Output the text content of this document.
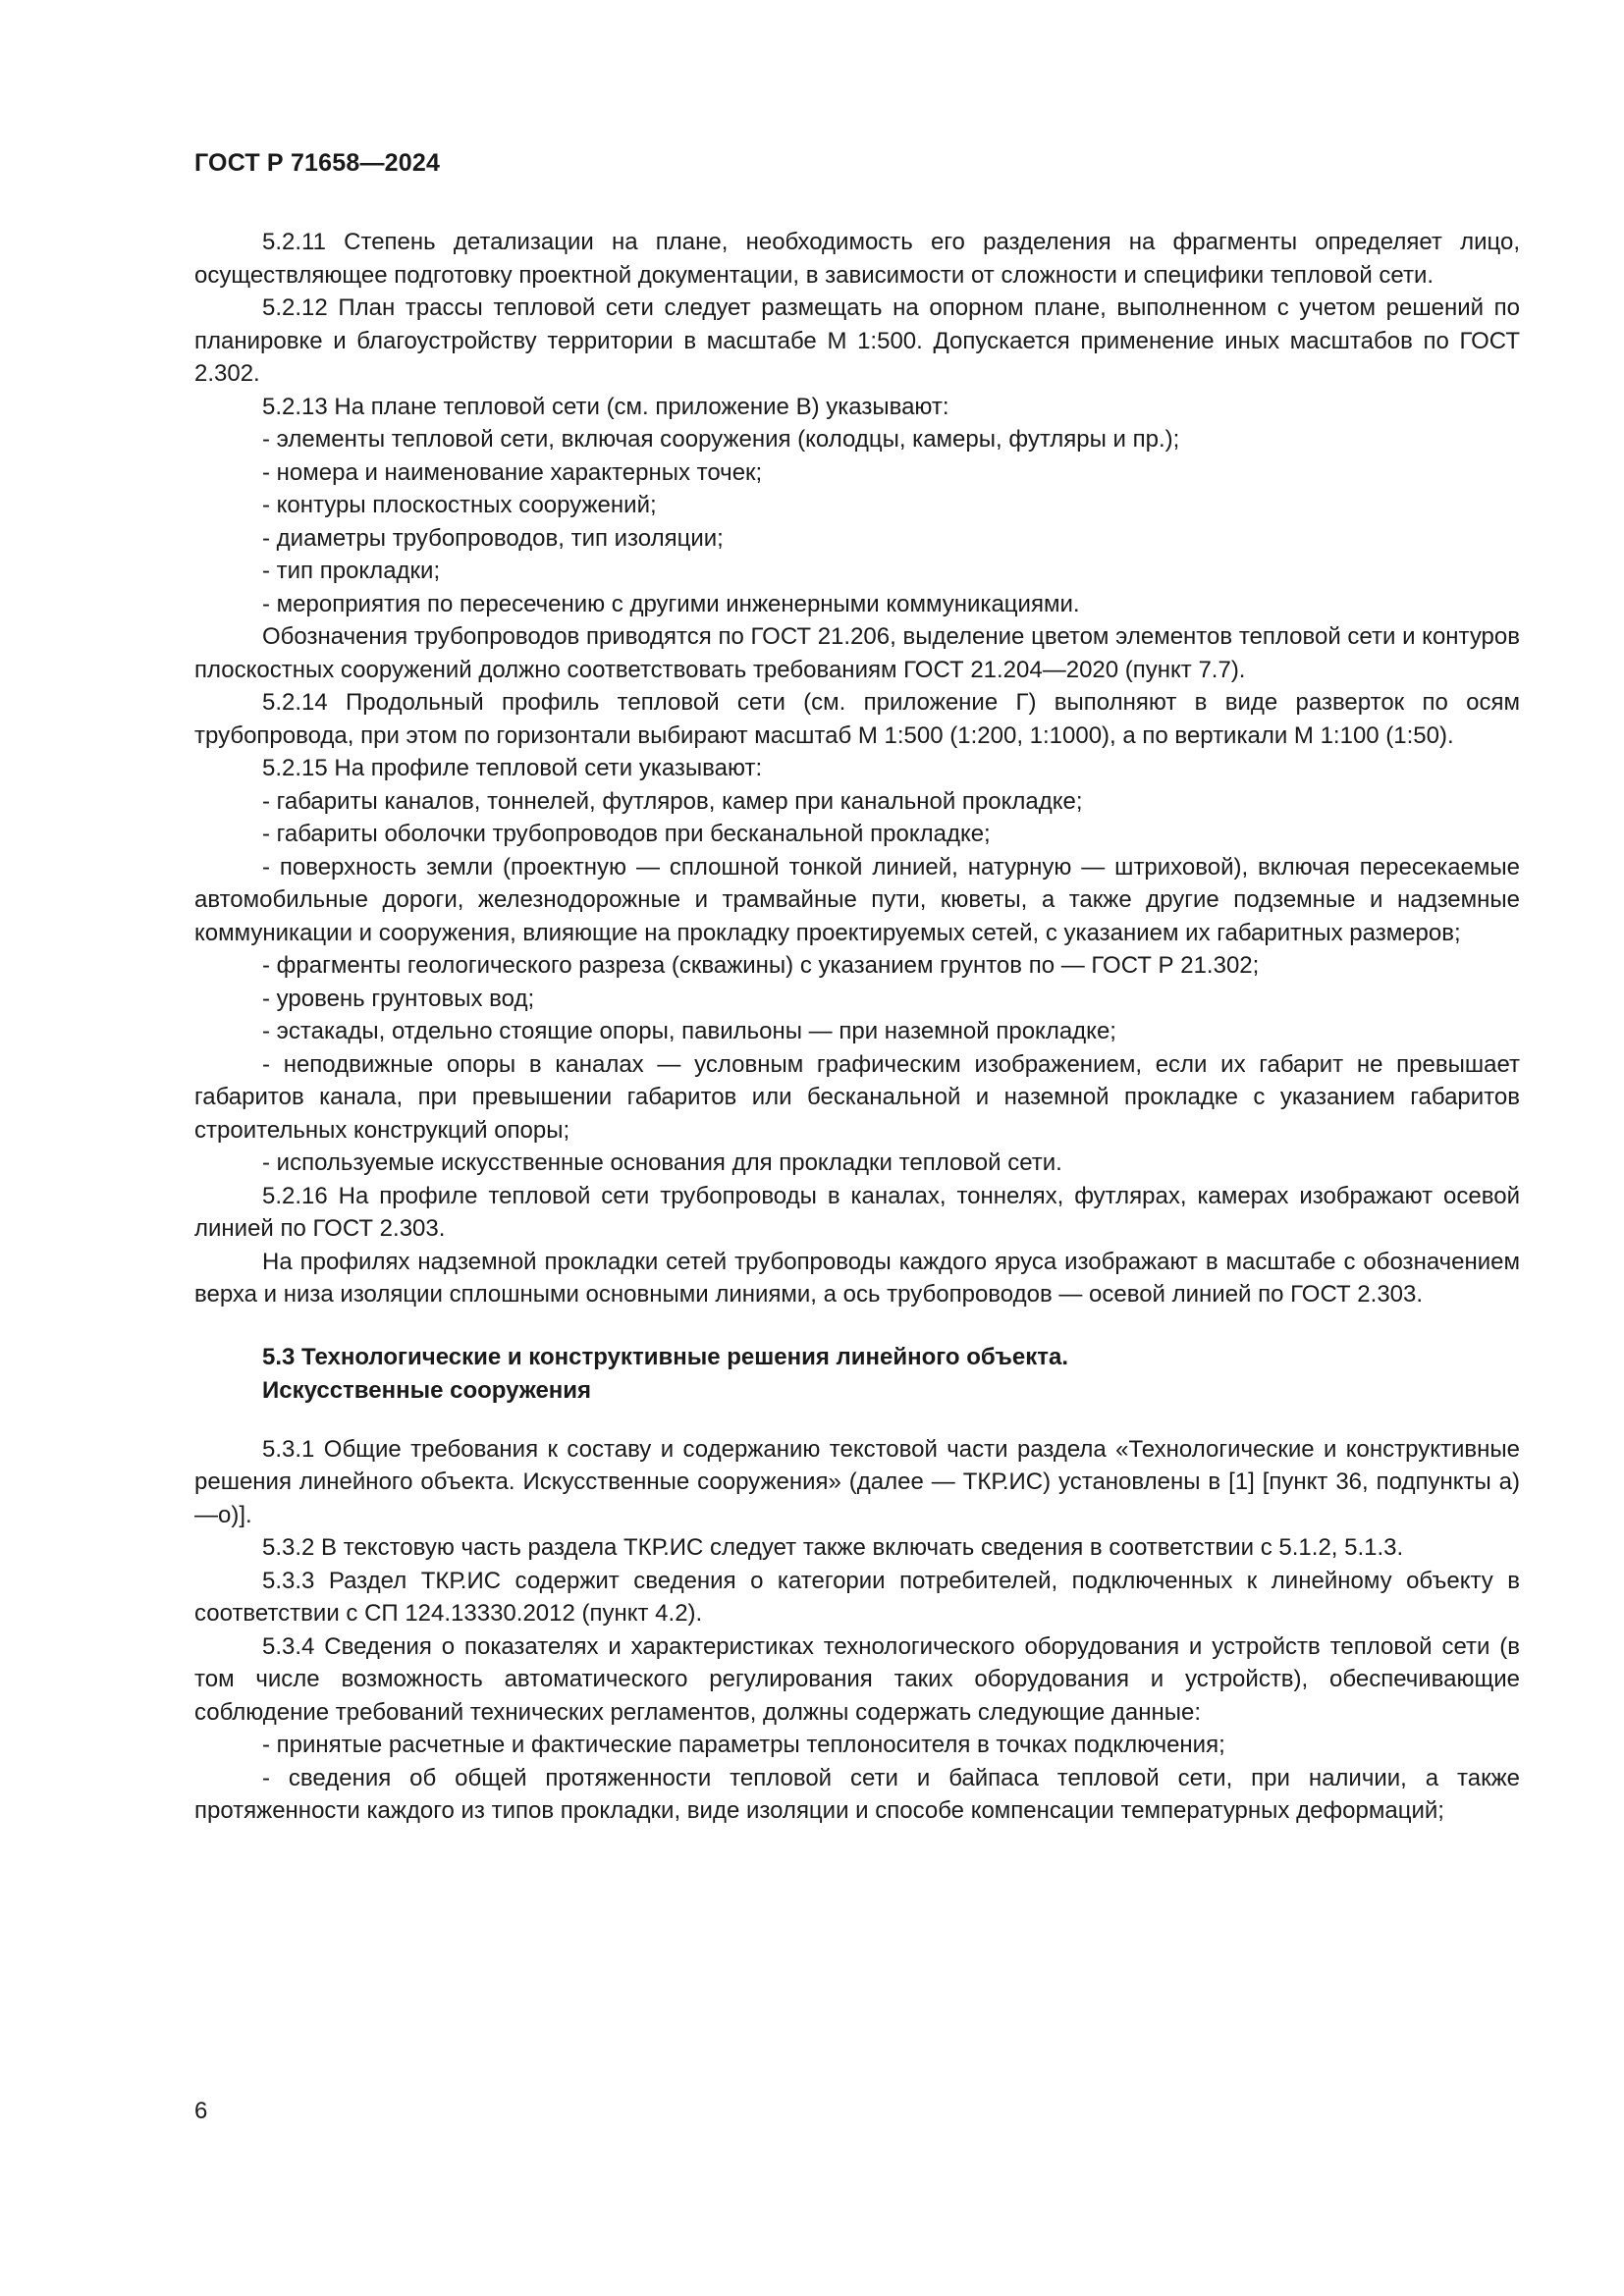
ГОСТ Р 71658—2024

5.2.11 Степень детализации на плане, необходимость его разделения на фрагменты определяет лицо, осуществляющее подготовку проектной документации, в зависимости от сложности и специфики тепловой сети.

5.2.12 План трассы тепловой сети следует размещать на опорном плане, выполненном с учетом решений по планировке и благоустройству территории в масштабе М 1:500. Допускается применение иных масштабов по ГОСТ 2.302.

5.2.13 На плане тепловой сети (см. приложение В) указывают:

- элементы тепловой сети, включая сооружения (колодцы, камеры, футляры и пр.);

- номера и наименование характерных точек;

- контуры плоскостных сооружений;

- диаметры трубопроводов, тип изоляции;

- тип прокладки;

- мероприятия по пересечению с другими инженерными коммуникациями.

Обозначения трубопроводов приводятся по ГОСТ 21.206, выделение цветом элементов тепловой сети и контуров плоскостных сооружений должно соответствовать требованиям ГОСТ 21.204—2020 (пункт 7.7).

5.2.14 Продольный профиль тепловой сети (см. приложение Г) выполняют в виде разверток по осям трубопровода, при этом по горизонтали выбирают масштаб М 1:500 (1:200, 1:1000), а по вертикали М 1:100 (1:50).

5.2.15 На профиле тепловой сети указывают:

- габариты каналов, тоннелей, футляров, камер при канальной прокладке;

- габариты оболочки трубопроводов при бесканальной прокладке;

- поверхность земли (проектную — сплошной тонкой линией, натурную — штриховой), включая пересекаемые автомобильные дороги, железнодорожные и трамвайные пути, кюветы, а также другие подземные и надземные коммуникации и сооружения, влияющие на прокладку проектируемых сетей, с указанием их габаритных размеров;

- фрагменты геологического разреза (скважины) с указанием грунтов по — ГОСТ Р 21.302;

- уровень грунтовых вод;

- эстакады, отдельно стоящие опоры, павильоны — при наземной прокладке;

- неподвижные опоры в каналах — условным графическим изображением, если их габарит не превышает габаритов канала, при превышении габаритов или бесканальной и наземной прокладке с указанием габаритов строительных конструкций опоры;

- используемые искусственные основания для прокладки тепловой сети.

5.2.16 На профиле тепловой сети трубопроводы в каналах, тоннелях, футлярах, камерах изображают осевой линией по ГОСТ 2.303.

На профилях надземной прокладки сетей трубопроводы каждого яруса изображают в масштабе с обозначением верха и низа изоляции сплошными основными линиями, а ось трубопроводов — осевой линией по ГОСТ 2.303.

5.3 Технологические и конструктивные решения линейного объекта.
Искусственные сооружения

5.3.1 Общие требования к составу и содержанию текстовой части раздела «Технологические и конструктивные решения линейного объекта. Искусственные сооружения» (далее — ТКР.ИС) установлены в [1] [пункт 36, подпункты а)—о)].

5.3.2 В текстовую часть раздела ТКР.ИС следует также включать сведения в соответствии с 5.1.2, 5.1.3.

5.3.3 Раздел ТКР.ИС содержит сведения о категории потребителей, подключенных к линейному объекту в соответствии с СП 124.13330.2012 (пункт 4.2).

5.3.4 Сведения о показателях и характеристиках технологического оборудования и устройств тепловой сети (в том числе возможность автоматического регулирования таких оборудования и устройств), обеспечивающие соблюдение требований технических регламентов, должны содержать следующие данные:

- принятые расчетные и фактические параметры теплоносителя в точках подключения;

- сведения об общей протяженности тепловой сети и байпаса тепловой сети, при наличии, а также протяженности каждого из типов прокладки, виде изоляции и способе компенсации температурных деформаций;

6
